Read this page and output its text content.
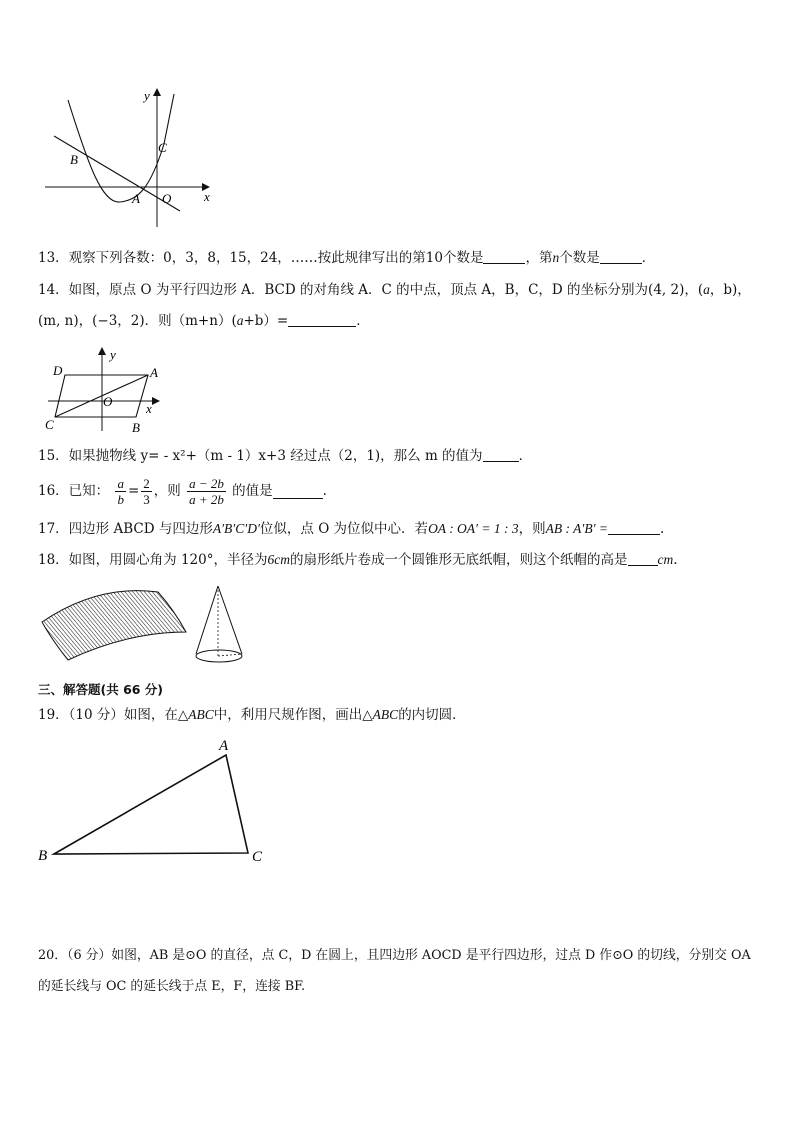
y
x
B
C
A O
13．观察下列各数：0，3，8，15，24，……按此规律写出的第10个数是	，第n个数是	．
14．如图，原点 O 为平行四边形 A．BCD 的对角线 A．C 的中点，顶点 A，B，C，D 的坐标分别为(4, 2)，(a，b)，
(m, n)，(−3，2)．则（m+n）(a+b）=	．
D	A
y
O	x
C	B
15．如果抛物线 y= - x²+（m - 1）x+3 经过点（2，1)，那么 m 的值为	．
16．已知： $\frac{a}{b} = \frac{2}{3}$ ，则 $\frac{a - 2b}{a + 2b}$ 的值是	.
17．四边形 ABCD 与四边形A′B′C′D′位似，点 O 为位似中心．若OA : OA′ = 1 : 3，则AB : A′B′ =	.
18．如图，用圆心角为 120°，半径为6cm的扇形纸片卷成一个圆锥形无底纸帽，则这个纸帽的高是 cm.
三、解答题(共 66 分)
19．（10 分）如图，在△ABC中，利用尺规作图，画出△ABC的内切圆．
A
B	C
20．（6 分）如图，AB 是⊙O 的直径，点 C，D 在圆上，且四边形 AOCD 是平行四边形，过点 D 作⊙O 的切线，分别交 OA
的延长线与 OC 的延长线于点 E，F，连接 BF.
